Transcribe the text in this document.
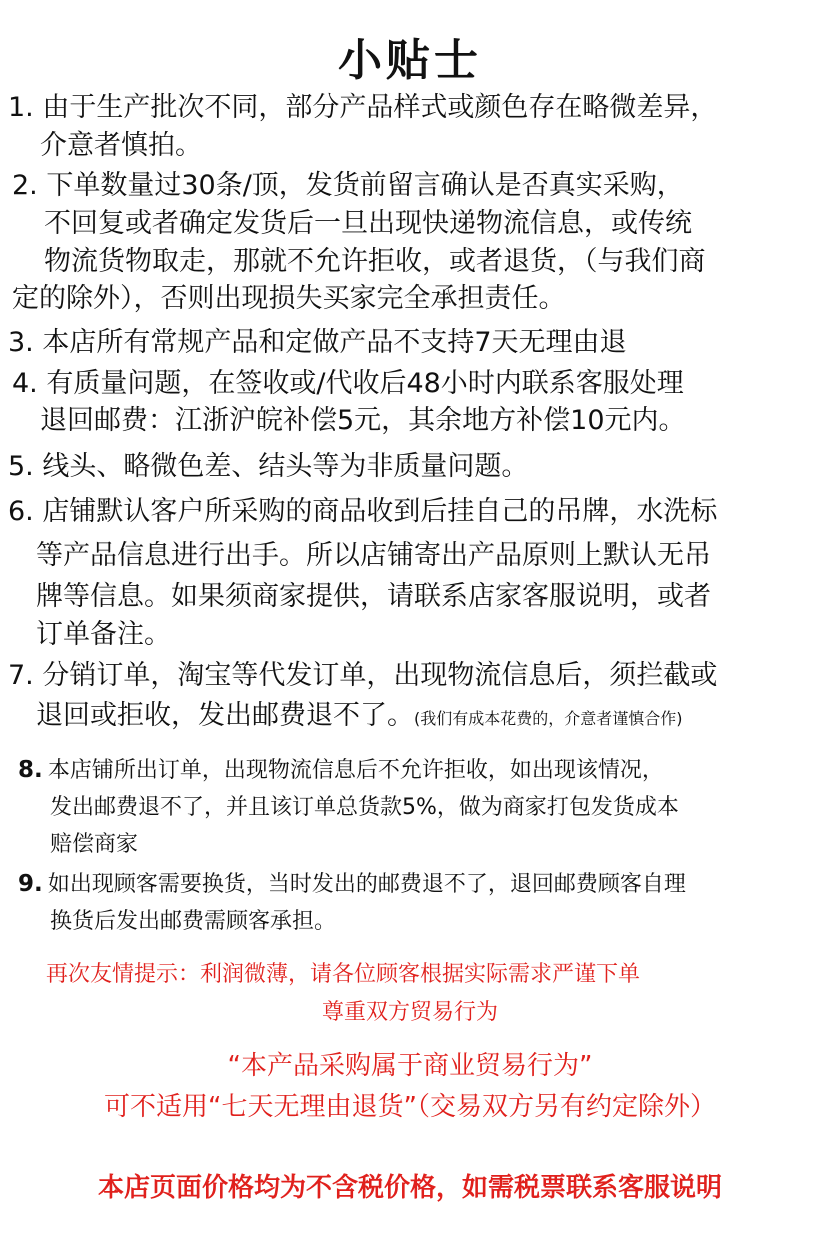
小贴士
1. 由于生产批次不同，部分产品样式或颜色存在略微差异，
介意者慎拍。
2. 下单数量过30条/顶，发货前留言确认是否真实采购，
不回复或者确定发货后一旦出现快递物流信息，或传统
物流货物取走，那就不允许拒收，或者退货，（与我们商
定的除外），否则出现损失买家完全承担责任。
3. 本店所有常规产品和定做产品不支持7天无理由退
4. 有质量问题，在签收或/代收后48小时内联系客服处理
退回邮费：江浙沪皖补偿5元，其余地方补偿10元内。
5. 线头、略微色差、结头等为非质量问题。
6. 店铺默认客户所采购的商品收到后挂自己的吊牌，水洗标
等产品信息进行出手。所以店铺寄出产品原则上默认无吊
牌等信息。如果须商家提供，请联系店家客服说明，或者
订单备注。
7. 分销订单，淘宝等代发订单，出现物流信息后，须拦截或
退回或拒收，发出邮费退不了。(我们有成本花费的，介意者谨慎合作)
8. 本店铺所出订单，出现物流信息后不允许拒收，如出现该情况，
发出邮费退不了，并且该订单总货款5%，做为商家打包发货成本
赔偿商家
9. 如出现顾客需要换货，当时发出的邮费退不了，退回邮费顾客自理
换货后发出邮费需顾客承担。
再次友情提示：利润微薄，请各位顾客根据实际需求严谨下单
尊重双方贸易行为
“本产品采购属于商业贸易行为”
可不适用“七天无理由退货”（交易双方另有约定除外）
本店页面价格均为不含税价格，如需税票联系客服说明
